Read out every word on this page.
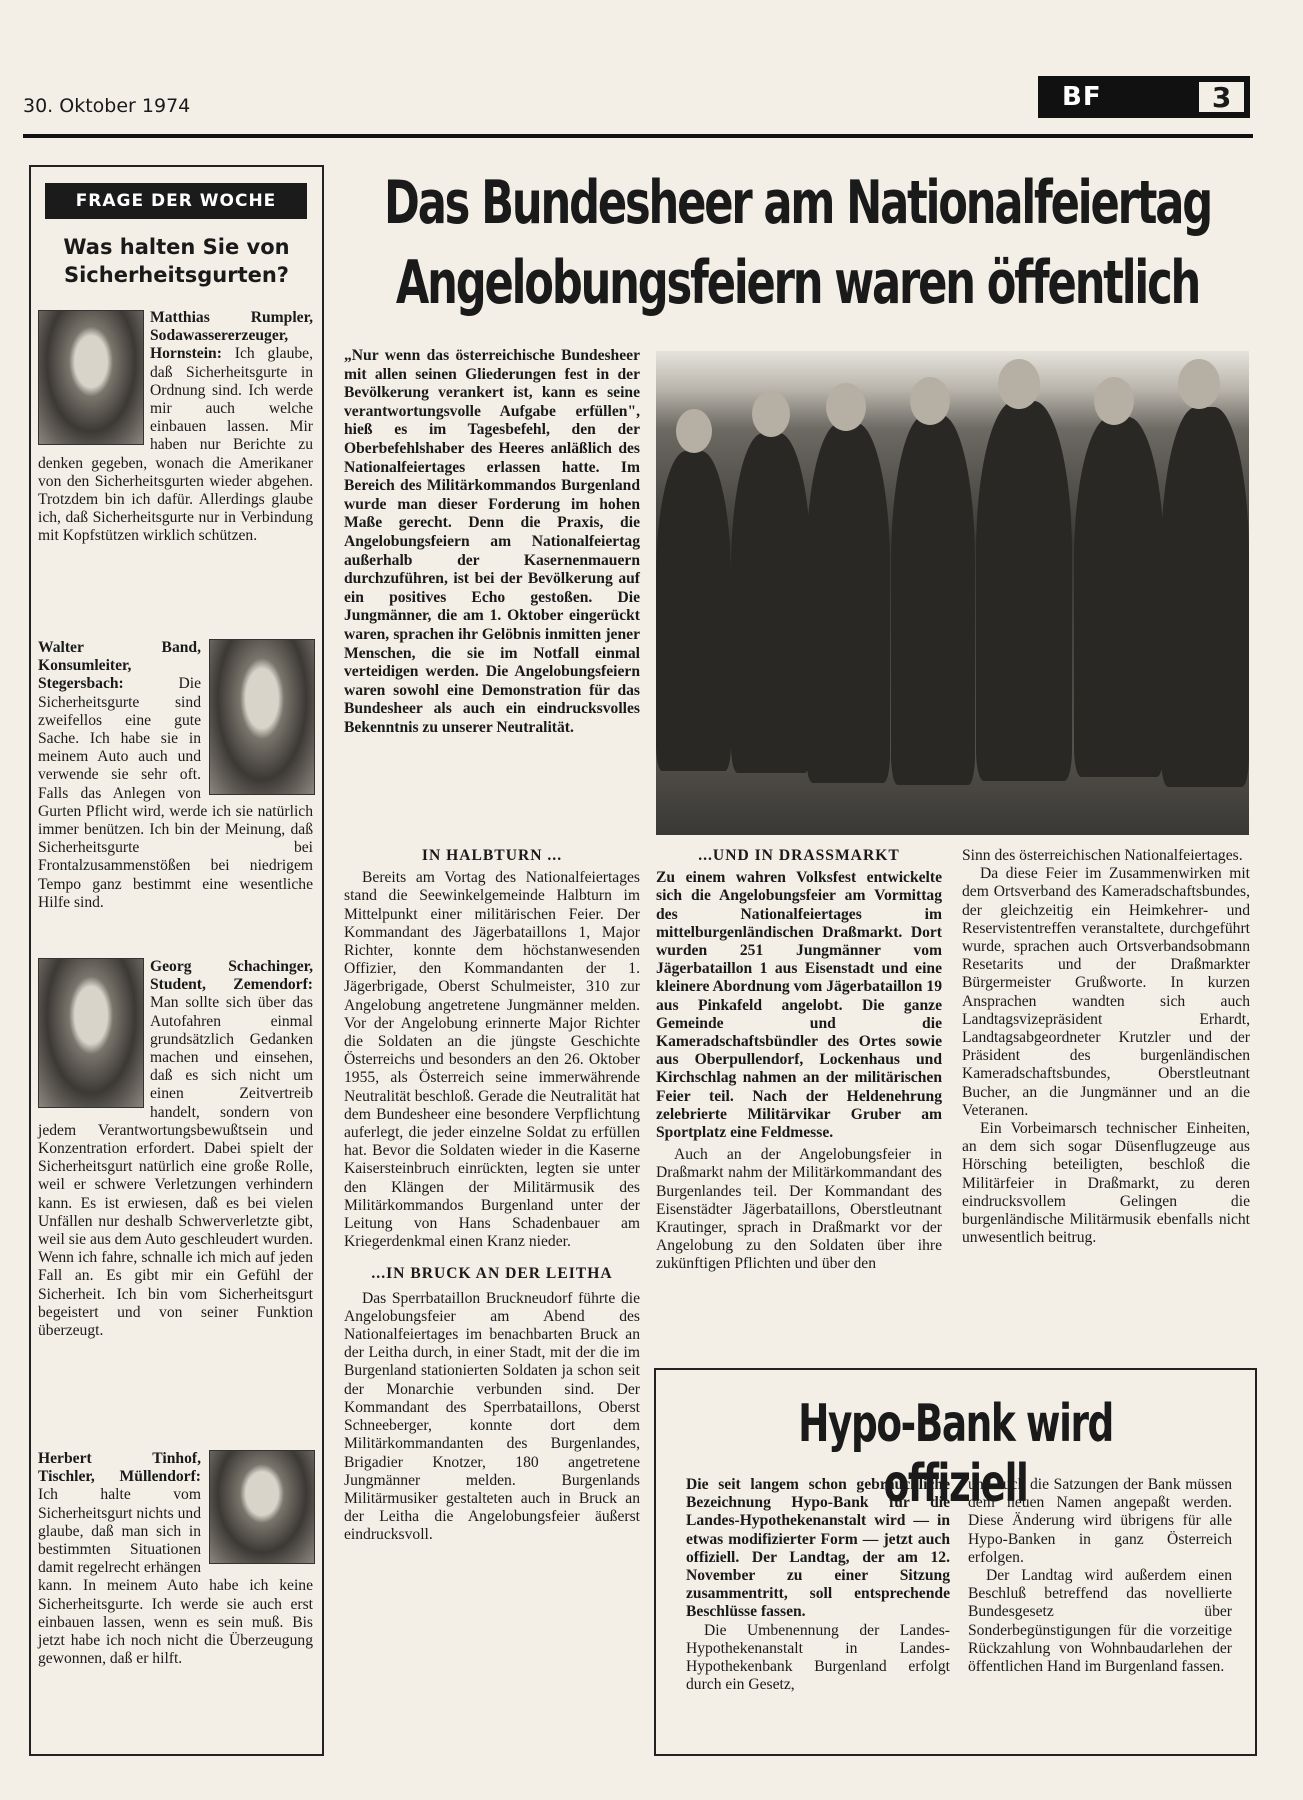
30. Oktober 1974	BF	3
FRAGE DER WOCHE
Was halten Sie von Sicherheitsgurten?
Matthias Rumpler, Sodawassererzeuger, Hornstein: Ich glaube, daß Sicherheitsgurte in Ordnung sind. Ich werde mir auch welche einbauen lassen. Mir haben nur Berichte zu denken gegeben, wonach die Amerikaner von den Sicherheitsgurten wieder abgehen. Trotzdem bin ich dafür. Allerdings glaube ich, daß Sicherheitsgurte nur in Verbindung mit Kopfstützen wirklich schützen.
Walter Band, Konsumleiter, Stegersbach:	Die Sicherheitsgurte sind zweifellos eine gute Sache. Ich habe sie in meinem Auto auch und verwende sie sehr oft. Falls das Anlegen von Gurten Pflicht wird, werde ich sie natürlich immer benützen. Ich bin der Meinung, daß Sicherheitsgurte bei Frontalzusammenstößen bei niedrigem Tempo ganz bestimmt eine wesentliche Hilfe sind.
Georg Schachinger, Student, Zemendorf: Man sollte sich über das Autofahren einmal grundsätzlich Gedanken machen und einsehen, daß es sich nicht um einen Zeitvertreib handelt, sondern von jedem Verantwortungsbewußtsein und Konzentration erfordert. Dabei spielt der Sicherheitsgurt natürlich eine große Rolle, weil er schwere Verletzungen verhindern kann. Es ist erwiesen, daß es bei vielen Unfällen nur deshalb Schwerverletzte gibt, weil sie aus dem Auto geschleudert wurden. Wenn ich fahre, schnalle ich mich auf jeden Fall an. Es gibt mir ein Gefühl der Sicherheit. Ich bin vom Sicherheitsgurt begeistert und von seiner Funktion überzeugt.
Herbert Tinhof, Tischler, Müllendorf: Ich halte vom Sicherheitsgurt nichts und glaube, daß man sich in bestimmten Situationen damit regelrecht erhängen kann. In meinem Auto habe ich keine Sicherheitsgurte. Ich werde sie auch erst einbauen lassen, wenn es sein muß. Bis jetzt habe ich noch nicht die Überzeugung gewonnen, daß er hilft.
Das Bundesheer am Nationalfeiertag
Angelobungsfeiern waren öffentlich
„Nur wenn das österreichische Bundesheer mit allen seinen Gliederungen fest in der Bevölkerung verankert ist, kann es seine verantwortungsvolle Aufgabe erfüllen", hieß es im Tagesbefehl, den der Oberbefehlshaber des Heeres anläßlich des Nationalfeiertages erlassen hatte. Im Bereich des Militärkommandos Burgenland wurde man dieser Forderung im hohen Maße gerecht. Denn die Praxis, die Angelobungsfeiern am Nationalfeiertag außerhalb der Kasernenmauern durchzuführen, ist bei der Bevölkerung auf ein positives Echo gestoßen. Die Jungmänner, die am 1. Oktober eingerückt waren, sprachen ihr Gelöbnis inmitten jener Menschen, die sie im Notfall einmal verteidigen werden. Die Angelobungsfeiern waren sowohl eine Demonstration für das Bundesheer als auch ein eindrucksvolles Bekenntnis zu unserer Neutralität.
IN HALBTURN ...

Bereits am Vortag des Nationalfeiertages stand die Seewinkelgemeinde Halbturn im Mittelpunkt einer militärischen Feier. Der Kommandant des Jägerbataillons 1, Major Richter, konnte dem höchstanwesenden Offizier, den Kommandanten der 1. Jägerbrigade, Oberst Schulmeister, 310 zur Angelobung angetretene Jungmänner melden. Vor der Angelobung erinnerte Major Richter die Soldaten an die jüngste Geschichte Österreichs und besonders an den 26. Oktober 1955, als Österreich seine immerwährende Neutralität beschloß. Gerade die Neutralität hat dem Bundesheer eine besondere Verpflichtung auferlegt, die jeder einzelne Soldat zu erfüllen hat. Bevor die Soldaten wieder in die Kaserne Kaisersteinbruch einrückten, legten sie unter den Klängen der Militärmusik des Militärkommandos Burgenland unter der Leitung von Hans Schadenbauer am Kriegerdenkmal einen Kranz nieder.

...IN BRUCK AN DER LEITHA

Das Sperrbataillon Bruckneudorf führte die Angelobungsfeier am Abend des Nationalfeiertages im benachbarten Bruck an der Leitha durch, in einer Stadt, mit der die im Burgenland stationierten Soldaten ja schon seit der Monarchie verbunden sind. Der Kommandant des Sperrbataillons, Oberst Schneeberger, konnte dort dem Militärkommandanten des Burgenlandes, Brigadier Knotzer, 180 angetretene Jungmänner melden. Burgenlands Militärmusiker gestalteten auch in Bruck an der Leitha die Angelobungsfeier äußerst eindrucksvoll.

...UND IN DRASSMARKT

Zu einem wahren Volksfest entwickelte sich die Angelobungsfeier am Vormittag des Nationalfeiertages im mittelburgenländischen Draßmarkt. Dort wurden 251 Jungmänner vom Jägerbataillon 1 aus Eisenstadt und eine kleinere Abordnung vom Jägerbataillon 19 aus Pinkafeld angelobt. Die ganze Gemeinde und die Kameradschaftsbündler des Ortes sowie aus Oberpullendorf, Lockenhaus und Kirchschlag nahmen an der militärischen Feier teil. Nach der Heldenehrung zelebrierte Militärvikar Gruber am Sportplatz eine Feldmesse.

Auch an der Angelobungsfeier in Draßmarkt nahm der Militärkommandant des Burgenlandes teil. Der Kommandant des Eisenstädter Jägerbataillons, Oberstleutnant Krautinger, sprach in Draßmarkt vor der Angelobung zu den Soldaten über ihre zukünftigen Pflichten und über den

Sinn des österreichischen Nationalfeiertages.

Da diese Feier im Zusammenwirken mit dem Ortsverband des Kameradschaftsbundes, der gleichzeitig ein Heimkehrer- und Reservistentreffen veranstaltete, durchgeführt wurde, sprachen auch Ortsverbandsobmann Resetarits und der Draßmarkter Bürgermeister Grußworte. In kurzen Ansprachen wandten sich auch Landtagsvizepräsident Erhardt, Landtagsabgeordneter Krutzler und der Präsident des burgenländischen Kameradschaftsbundes, Oberstleutnant Bucher, an die Jungmänner und an die Veteranen.

Ein Vorbeimarsch technischer Einheiten, an dem sich sogar Düsenflugzeuge aus Hörsching beteiligten, beschloß die Militärfeier in Draßmarkt, zu deren eindrucksvollem Gelingen die burgenländische Militärmusik ebenfalls nicht unwesentlich beitrug.

Hypo-Bank wird offiziell

Die seit langem schon gebräuchliche Bezeichnung Hypo-Bank für die Landes-Hypothekenanstalt wird — in etwas modifizierter Form — jetzt auch offiziell. Der Landtag, der am 12. November zu einer Sitzung zusammentritt, soll entsprechende Beschlüsse fassen.

Die Umbenennung der Landes-Hypothekenanstalt in Landes-Hypothekenbank Burgenland erfolgt durch ein Gesetz,

und auch die Satzungen der Bank müssen dem neuen Namen angepaßt werden. Diese Änderung wird übrigens für alle Hypo-Banken in ganz Österreich erfolgen.

Der Landtag wird außerdem einen Beschluß betreffend das novellierte Bundesgesetz über Sonderbegünstigungen für die vorzeitige Rückzahlung von Wohnbaudarlehen der öffentlichen Hand im Burgenland fassen.
